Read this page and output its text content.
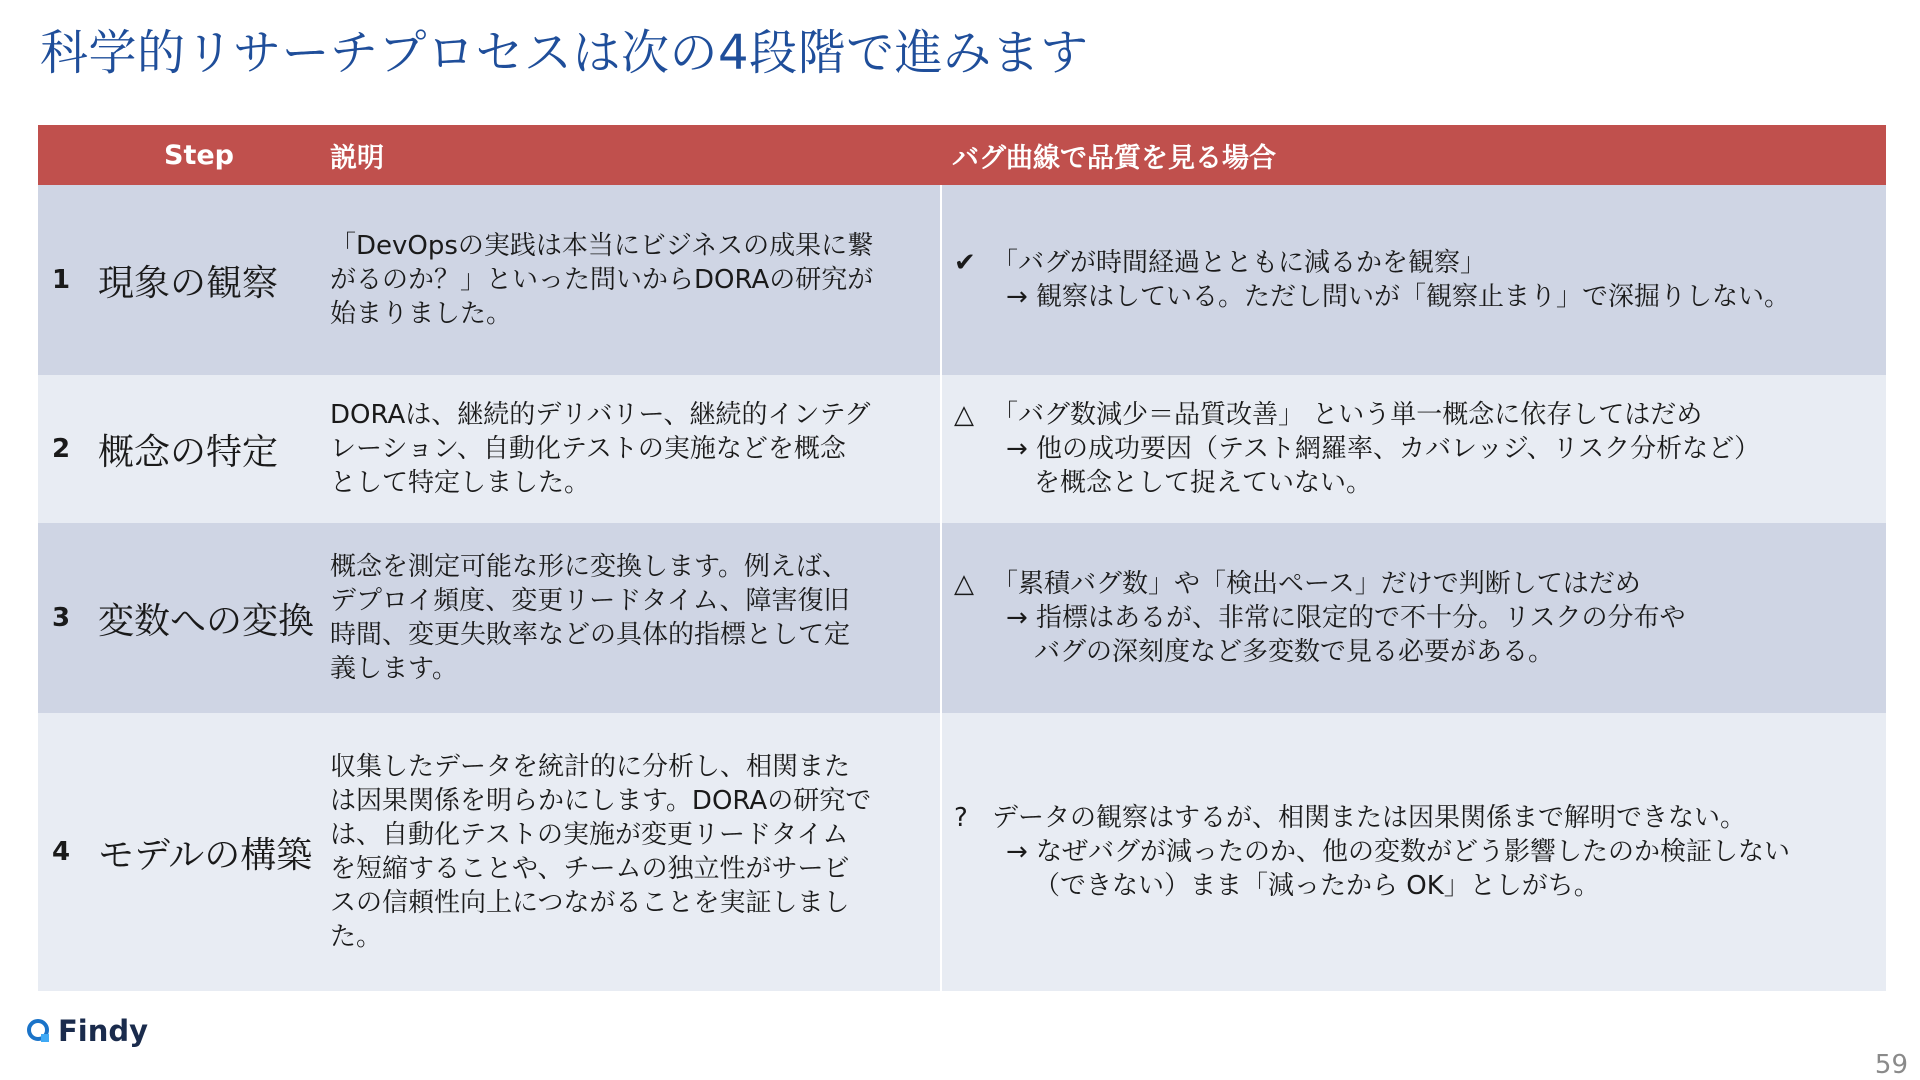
科学的リサーチプロセスは次の4段階で進みます
Step	説明	バグ曲線で品質を見る場合
1 現象の観察
「DevOpsの実践は本当にビジネスの成果に繋
がるのか？」といった問いからDORAの研究が
始まりました。
✔ 「バグが時間経過とともに減るかを観察」
→ 観察はしている。ただし問いが「観察止まり」で深掘りしない。
2 概念の特定
DORAは、継続的デリバリー、継続的インテグ
レーション、自動化テストの実施などを概念
として特定しました。
△ 「バグ数減少＝品質改善」 という単一概念に依存してはだめ
→ 他の成功要因（テスト網羅率、カバレッジ、リスク分析など）
を概念として捉えていない。
3 変数への変換
概念を測定可能な形に変換します。例えば、
デプロイ頻度、変更リードタイム、障害復旧
時間、変更失敗率などの具体的指標として定
義します。
△ 「累積バグ数」や「検出ペース」だけで判断してはだめ
→ 指標はあるが、非常に限定的で不十分。リスクの分布や
バグの深刻度など多変数で見る必要がある。
4 モデルの構築
収集したデータを統計的に分析し、相関また
は因果関係を明らかにします。DORAの研究で
は、自動化テストの実施が変更リードタイム
を短縮することや、チームの独立性がサービ
スの信頼性向上につながることを実証しまし
た。
? データの観察はするが、相関または因果関係まで解明できない。
→ なぜバグが減ったのか、他の変数がどう影響したのか検証しない
（できない）まま「減ったから OK」としがち。
Findy
59
